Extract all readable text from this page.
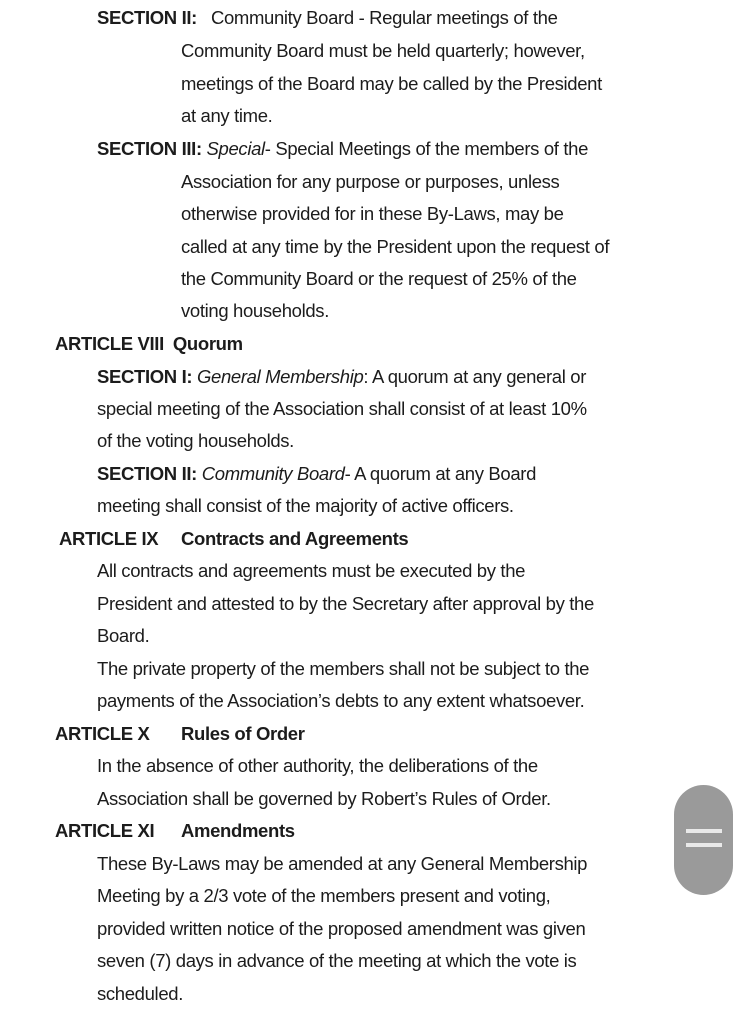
SECTION II: Community Board - Regular meetings of the
Community Board must be held quarterly; however,
meetings of the Board may be called by the President
at any time.
SECTION III: Special- Special Meetings of the members of the
Association for any purpose or purposes, unless
otherwise provided for in these By-Laws, may be
called at any time by the President upon the request of
the Community Board or the request of 25% of the
voting households.
ARTICLE VIII Quorum
SECTION I: General Membership: A quorum at any general or
special meeting of the Association shall consist of at least 10%
of the voting households.
SECTION II: Community Board- A quorum at any Board
meeting shall consist of the majority of active officers.
ARTICLE IX Contracts and Agreements
All contracts and agreements must be executed by the
President and attested to by the Secretary after approval by the
Board.
The private property of the members shall not be subject to the
payments of the Association’s debts to any extent whatsoever.
ARTICLE X Rules of Order
In the absence of other authority, the deliberations of the
Association shall be governed by Robert’s Rules of Order.
ARTICLE XI Amendments
These By-Laws may be amended at any General Membership
Meeting by a 2/3 vote of the members present and voting,
provided written notice of the proposed amendment was given
seven (7) days in advance of the meeting at which the vote is
scheduled.
